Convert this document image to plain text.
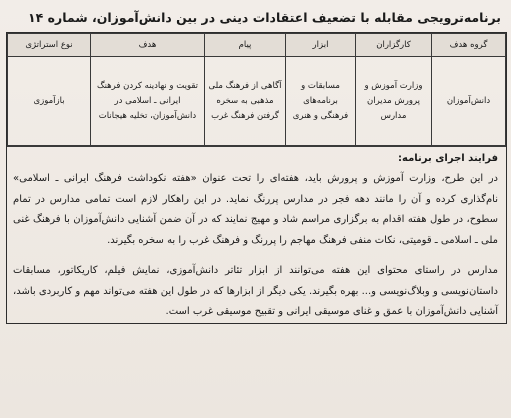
برنامه‌ترویجی مقابله با تضعیف اعتقادات دینی در بین دانش‌آموزان، شماره ۱۴
گروه هدف	کارگزاران	ابزار	پیام	هدف	نوع استراتژی
دانش‌آموزان	وزارت آموزش و پرورش مدیران مدارس	مسابقات و برنامه‌های فرهنگی و هنری	آگاهی از فرهنگ ملی مذهبی به سخره گرفتن فرهنگ غرب	تقویت و نهادینه کردن فرهنگ ایرانی ـ اسلامی در دانش‌آموزان، تخلیه هیجانات	بازآموزی
فرایند اجرای برنامه:

در این طرح، وزارت آموزش و پرورش باید، هفته‌ای را تحت عنوان «هفته نکوداشت فرهنگ ایرانی ـ اسلامی» نام‌گذاری کرده و آن را مانند دهه فجر در مدارس پررنگ نماید. در این راهکار لازم است تمامی مدارس در تمام سطوح، در طول هفته اقدام به برگزاری مراسم شاد و مهیج نمایند که در آن ضمن آشنایی دانش‌آموزان با فرهنگ غنی ملی ـ اسلامی ـ قومیتی، نکات منفی فرهنگ مهاجم را پررنگ و فرهنگ غرب را به سخره بگیرند.

مدارس در راستای محتوای این هفته می‌توانند از ابزار تئاتر دانش‌آموزی، نمایش فیلم، کاریکاتور، مسابقات داستان‌نویسی و وبلاگ‌نویسی و... بهره بگیرند. یکی دیگر از ابزارها که در طول این هفته می‌تواند مهم و کاربردی باشد، آشنایی دانش‌آموزان با عمق و غنای موسیقی ایرانی و تقبیح موسیقی غرب است.
